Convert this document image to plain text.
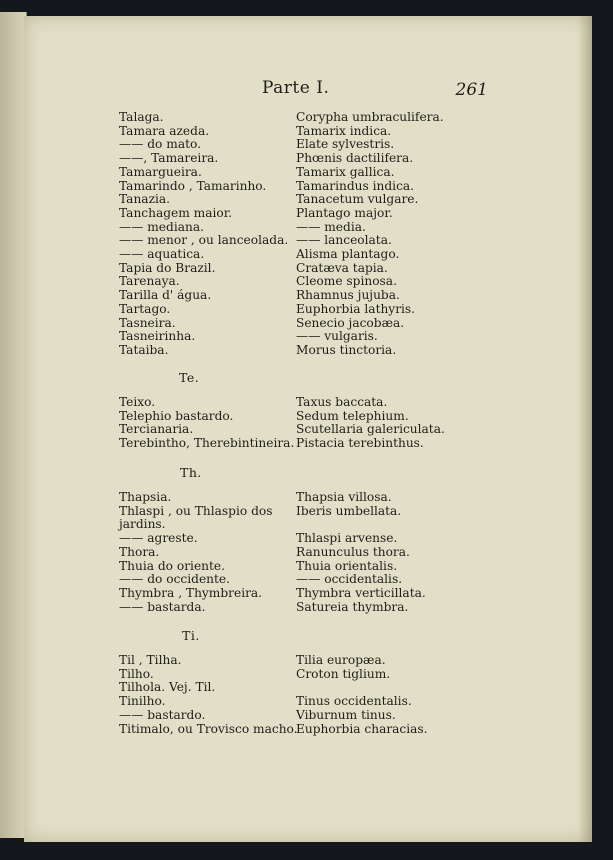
Parte I.	261
Talaga.
Tamara azeda.
—— do mato.
——, Tamareira.
Tamargueira.
Tamarindo , Tamarinho.
Tanazia.
Tanchagem maior.
—— mediana.
—— menor , ou lanceolada.
—— aquatica.
Tapia do Brazil.
Tarenaya.
Tarilla d' água.
Tartago.
Tasneira.
Tasneirinha.
Tataiba.
Corypha umbraculifera.
Tamarix indica.
Elate sylvestris.
Phœnis dactilifera.
Tamarix gallica.
Tamarindus indica.
Tanacetum vulgare.
Plantago major.
—— media.
—— lanceolata.
Alisma plantago.
Cratæva tapia.
Cleome spinosa.
Rhamnus jujuba.
Euphorbia lathyris.
Senecio jacobæa.
—— vulgaris.
Morus tinctoria.
Te.
Teixo.
Telephio bastardo.
Tercianaria.
Terebintho, Therebintineira.
Taxus baccata.
Sedum telephium.
Scutellaria galericulata.
Pistacia terebinthus.
Th.
Thapsia.
Thlaspi , ou Thlaspio dos
jardins.
—— agreste.
Thora.
Thuia do oriente.
—— do occidente.
Thymbra , Thymbreira.
—— bastarda.
Thapsia villosa.
Iberis umbellata.

Thlaspi arvense.
Ranunculus thora.
Thuia orientalis.
—— occidentalis.
Thymbra verticillata.
Satureia thymbra.
Ti.
Til , Tilha.
Tilho.
Tilhola. Vej. Til.
Tinilho.
—— bastardo.
Titimalo, ou Trovisco macho.
Tilia europæa.
Croton tiglium.

Tinus occidentalis.
Viburnum tinus.
Euphorbia characias.
